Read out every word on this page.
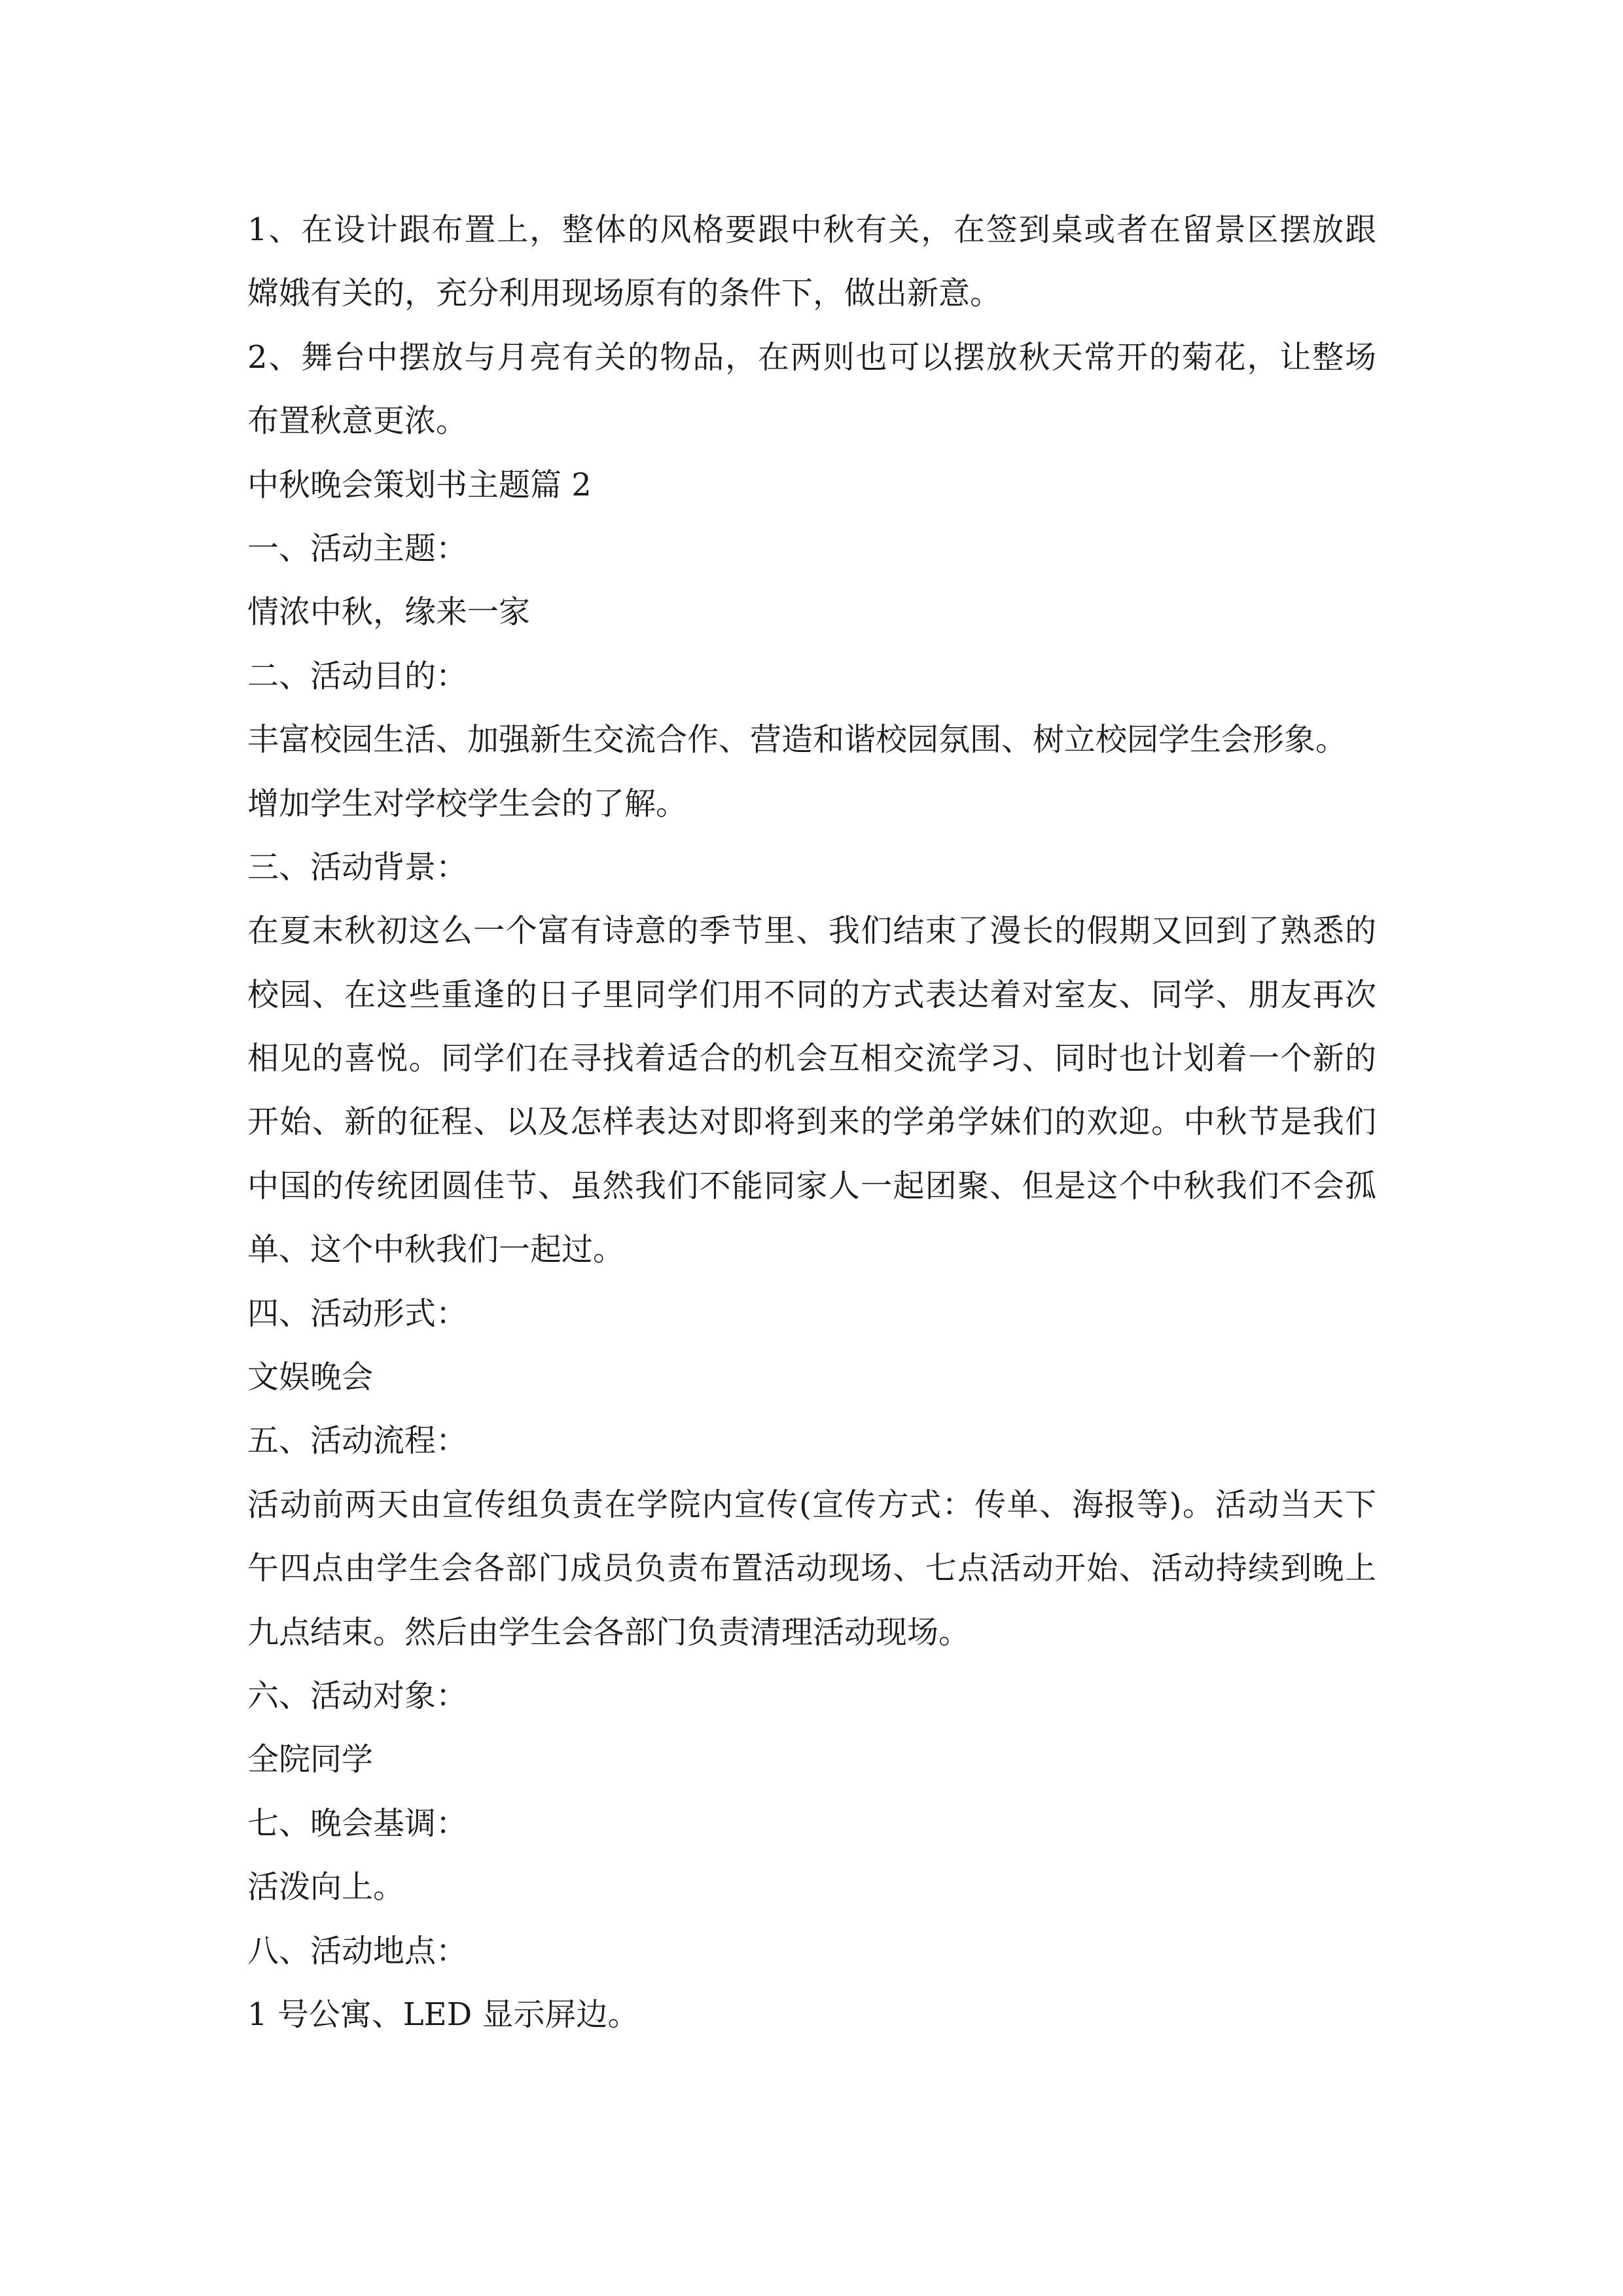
1、在设计跟布置上，整体的风格要跟中秋有关，在签到桌或者在留景区摆放跟
嫦娥有关的，充分利用现场原有的条件下，做出新意。
2、舞台中摆放与月亮有关的物品，在两则也可以摆放秋天常开的菊花，让整场
布置秋意更浓。
中秋晚会策划书主题篇 2
一、活动主题：
情浓中秋，缘来一家
二、活动目的：
丰富校园生活、加强新生交流合作、营造和谐校园氛围、树立校园学生会形象。
增加学生对学校学生会的了解。
三、活动背景：
在夏末秋初这么一个富有诗意的季节里、我们结束了漫长的假期又回到了熟悉的
校园、在这些重逢的日子里同学们用不同的方式表达着对室友、同学、朋友再次
相见的喜悦。同学们在寻找着适合的机会互相交流学习、同时也计划着一个新的
开始、新的征程、以及怎样表达对即将到来的学弟学妹们的欢迎。中秋节是我们
中国的传统团圆佳节、虽然我们不能同家人一起团聚、但是这个中秋我们不会孤
单、这个中秋我们一起过。
四、活动形式：
文娱晚会
五、活动流程：
活动前两天由宣传组负责在学院内宣传(宣传方式：传单、海报等)。活动当天下
午四点由学生会各部门成员负责布置活动现场、七点活动开始、活动持续到晚上
九点结束。然后由学生会各部门负责清理活动现场。
六、活动对象：
全院同学
七、晚会基调：
活泼向上。
八、活动地点：
1 号公寓、LED 显示屏边。
